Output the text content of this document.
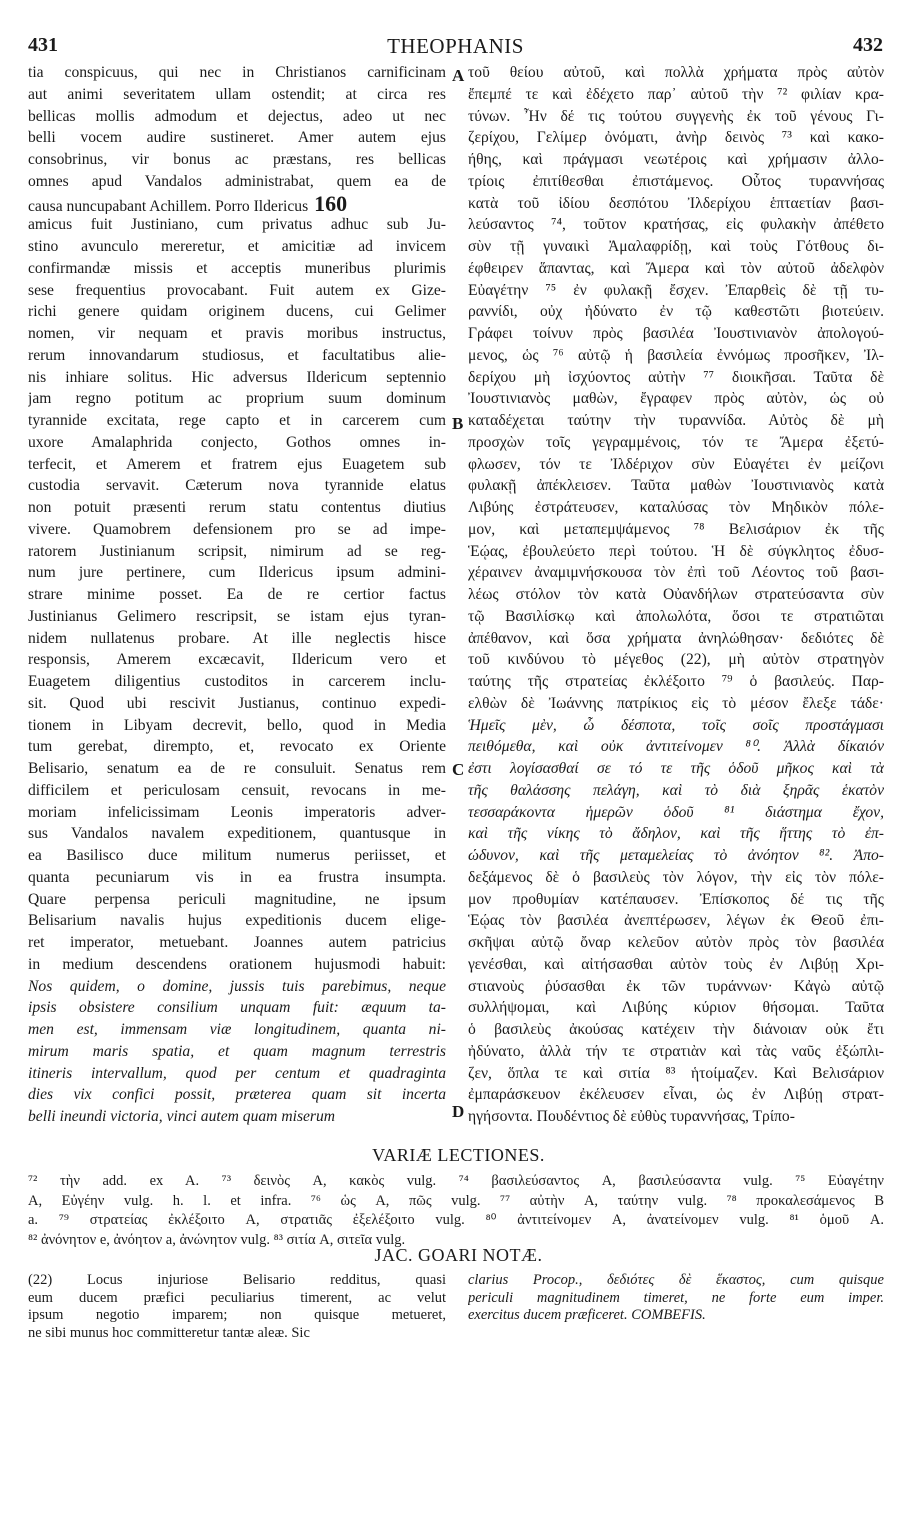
431	THEOPHANIS	432
tia conspicuus, qui nec in Christianos carnificinam
aut animi severitatem ullam ostendit; at circa res
bellicas mollis admodum et dejectus, adeo ut nec
belli vocem audire sustineret. Amer autem ejus
consobrinus, vir bonus ac præstans, res bellicas
omnes apud Vandalos administrabat, quem ea de
causa nuncupabant Achillem. Porro Ildericus 160
amicus fuit Justiniano, cum privatus adhuc sub Ju-
stino avunculo mereretur, et amicitiæ ad invicem
confirmandæ missis et acceptis muneribus plurimis
sese frequentius provocabant. Fuit autem ex Gize-
richi genere quidam originem ducens, cui Gelimer
nomen, vir nequam et pravis moribus instructus,
rerum innovandarum studiosus, et facultatibus alie-
nis inhiare solitus. Hic adversus Ildericum septennio
jam regno potitum ac proprium suum dominum
tyrannide excitata, rege capto et in carcerem cum
uxore Amalaphrida conjecto, Gothos omnes in-
terfecit, et Amerem et fratrem ejus Euagetem sub
custodia servavit. Cæterum nova tyrannide elatus
non potuit præsenti rerum statu contentus diutius
vivere. Quamobrem defensionem pro se ad impe-
ratorem Justinianum scripsit, nimirum ad se reg-
num jure pertinere, cum Ildericus ipsum admini-
strare minime posset. Ea de re certior factus
Justinianus Gelimero rescripsit, se istam ejus tyran-
nidem nullatenus probare. At ille neglectis hisce
responsis, Amerem excæcavit, Ildericum vero et
Euagetem diligentius custoditos in carcerem inclu-
sit. Quod ubi rescivit Justianus, continuo expedi-
tionem in Libyam decrevit, bello, quod in Media
tum gerebat, dirempto, et, revocato ex Oriente
Belisario, senatum ea de re consuluit. Senatus rem
difficilem et periculosam censuit, revocans in me-
moriam infelicissimam Leonis imperatoris adver-
sus Vandalos navalem expeditionem, quantusque in
ea Basilisco duce militum numerus periisset, et
quanta pecuniarum vis in ea frustra insumpta.
Quare perpensa periculi magnitudine, ne ipsum
Belisarium navalis hujus expeditionis ducem elige-
ret imperator, metuebant. Joannes autem patricius
in medium descendens orationem hujusmodi habuit:
Nos quidem, o domine, jussis tuis parebimus, neque
ipsis obsistere consilium unquam fuit: æquum ta-
men est, immensam viæ longitudinem, quanta ni-
mirum maris spatia, et quam magnum terrestris
itineris intervallum, quod per centum et quadraginta
dies vix confici possit, præterea quam sit incerta
belli ineundi victoria, vinci autem quam miserum
A
B
C
D
τοῦ θείου αὐτοῦ, καὶ πολλὰ χρήματα πρὸς αὐτὸν
ἔπεμπέ τε καὶ ἐδέχετο παρ᾽ αὐτοῦ τὴν ⁷² φιλίαν κρα-
τύνων. Ἦν δέ τις τούτου συγγενὴς ἐκ τοῦ γένους Γι-
ζερίχου, Γελίμερ ὀνόματι, ἀνὴρ δεινὸς ⁷³ καὶ κακο-
ήθης, καὶ πράγμασι νεωτέροις καὶ χρήμασιν ἀλλο-
τρίοις ἐπιτίθεσθαι ἐπιστάμενος. Οὗτος τυραννήσας
κατὰ τοῦ ἰδίου δεσπότου Ἰλδερίχου ἑπταετίαν βασι-
λεύσαντος ⁷⁴, τοῦτον κρατήσας, εἰς φυλακὴν ἀπέθετο
σὺν τῇ γυναικὶ Ἀμαλαφρίδῃ, καὶ τοὺς Γότθους δι-
έφθειρεν ἅπαντας, καὶ Ἄμερα καὶ τὸν αὐτοῦ ἀδελφὸν
Εὐαγέτην ⁷⁵ ἐν φυλακῇ ἔσχεν. Ἐπαρθεὶς δὲ τῇ τυ-
ραννίδι, οὐχ ἠδύνατο ἐν τῷ καθεστῶτι βιοτεύειν.
Γράφει τοίνυν πρὸς βασιλέα Ἰουστινιανὸν ἀπολογού-
μενος, ὡς ⁷⁶ αὐτῷ ἡ βασιλεία ἐννόμως προσῆκεν, Ἰλ-
δερίχου μὴ ἰσχύοντος αὐτὴν ⁷⁷ διοικῆσαι. Ταῦτα δὲ
Ἰουστινιανὸς μαθὼν, ἔγραφεν πρὸς αὐτὸν, ὡς οὐ
καταδέχεται ταύτην τὴν τυραννίδα. Αὐτὸς δὲ μὴ
προσχὼν τοῖς γεγραμμένοις, τόν τε Ἄμερα ἐξετύ-
φλωσεν, τόν τε Ἰλδέριχον σὺν Εὐαγέτει ἐν μείζονι
φυλακῇ ἀπέκλεισεν. Ταῦτα μαθὼν Ἰουστινιανὸς κατὰ
Λιβύης ἐστράτευσεν, καταλύσας τὸν Μηδικὸν πόλε-
μον, καὶ μεταπεμψάμενος ⁷⁸ Βελισάριον ἐκ τῆς
Ἑῴας, ἐβουλεύετο περὶ τούτου. Ἡ δὲ σύγκλητος ἐδυσ-
χέραινεν ἀναμιμνήσκουσα τὸν ἐπὶ τοῦ Λέοντος τοῦ βασι-
λέως στόλον τὸν κατὰ Οὐανδήλων στρατεύσαντα σὺν
τῷ Βασιλίσκῳ καὶ ἀπολωλότα, ὅσοι τε στρατιῶται
ἀπέθανον, καὶ ὅσα χρήματα ἀνηλώθησαν· δεδιότες δὲ
τοῦ κινδύνου τὸ μέγεθος (22), μὴ αὐτὸν στρατηγὸν
ταύτης τῆς στρατείας ἐκλέξοιτο ⁷⁹ ὁ βασιλεύς. Παρ-
ελθὼν δὲ Ἰωάννης πατρίκιος εἰς τὸ μέσον ἔλεξε τάδε·
Ἡμεῖς μὲν, ὦ δέσποτα, τοῖς σοῖς προστάγμασι
πειθόμεθα, καὶ οὐκ ἀντιτείνομεν ⁸⁰. Ἀλλὰ δίκαιόν
ἐστι λογίσασθαί σε τό τε τῆς ὁδοῦ μῆκος καὶ τὰ
τῆς θαλάσσης πελάγη, καὶ τὸ διὰ ξηρᾶς ἑκατὸν
τεσσαράκοντα ἡμερῶν ὁδοῦ ⁸¹ διάστημα ἔχον,
καὶ τῆς νίκης τὸ ἄδηλον, καὶ τῆς ἥττης τὸ ἐπ-
ώδυνον, καὶ τῆς μεταμελείας τὸ ἀνόητον ⁸². Ἀπο-
δεξάμενος δὲ ὁ βασιλεὺς τὸν λόγον, τὴν εἰς τὸν πόλε-
μον προθυμίαν κατέπαυσεν. Ἐπίσκοπος δέ τις τῆς
Ἑῴας τὸν βασιλέα ἀνεπτέρωσεν, λέγων ἐκ Θεοῦ ἐπι-
σκῆψαι αὐτῷ ὄναρ κελεῦον αὐτὸν πρὸς τὸν βασιλέα
γενέσθαι, καὶ αἰτήσασθαι αὐτὸν τοὺς ἐν Λιβύῃ Χρι-
στιανοὺς ῥύσασθαι ἐκ τῶν τυράννων· Κἀγὼ αὐτῷ
συλλήψομαι, καὶ Λιβύης κύριον θήσομαι. Ταῦτα
ὁ βασιλεὺς ἀκούσας κατέχειν τὴν διάνοιαν οὐκ ἔτι
ἠδύνατο, ἀλλὰ τήν τε στρατιὰν καὶ τὰς ναῦς ἐξώπλι-
ζεν, ὅπλα τε καὶ σιτία ⁸³ ἡτοίμαζεν. Καὶ Βελισάριον
ἐμπαράσκευον ἐκέλευσεν εἶναι, ὡς ἐν Λιβύῃ στρατ-
ηγήσοντα. Πουδέντιος δὲ εὐθὺς τυραννήσας, Τρίπο-
VARIÆ LECTIONES.
⁷² τὴν add. ex A. ⁷³ δεινὸς A, κακὸς vulg. ⁷⁴ βασιλεύσαντος A, βασιλεύσαντα vulg. ⁷⁵ Εὐαγέτην
A, Εὐγέην vulg. h. l. et infra. ⁷⁶ ὡς A, πῶς vulg. ⁷⁷ αὐτὴν A, ταύτην vulg. ⁷⁸ προκαλεσάμενος B
a. ⁷⁹ στρατείας ἐκλέξοιτο A, στρατιᾶς ἐξελέξοιτο vulg. ⁸⁰ ἀντιτείνομεν A, ἀνατείνομεν vulg. ⁸¹ ὁμοῦ A.
⁸² ἀνόνητον e, ἀνόητον a, ἀνώνητον vulg. ⁸³ σιτία A, σιτεῖα vulg.
JAC. GOARI NOTÆ.
(22) Locus injuriose Belisario redditus, quasi
eum ducem præfici peculiarius timerent, ac velut
ipsum negotio imparem; non quisque metueret,
ne sibi munus hoc committeretur tantæ aleæ. Sic
clarius Procop., δεδιότες δὲ ἕκαστος, cum quisque
periculi magnitudinem timeret, ne forte eum imper.
exercitus ducem præficeret. COMBEFIS.
